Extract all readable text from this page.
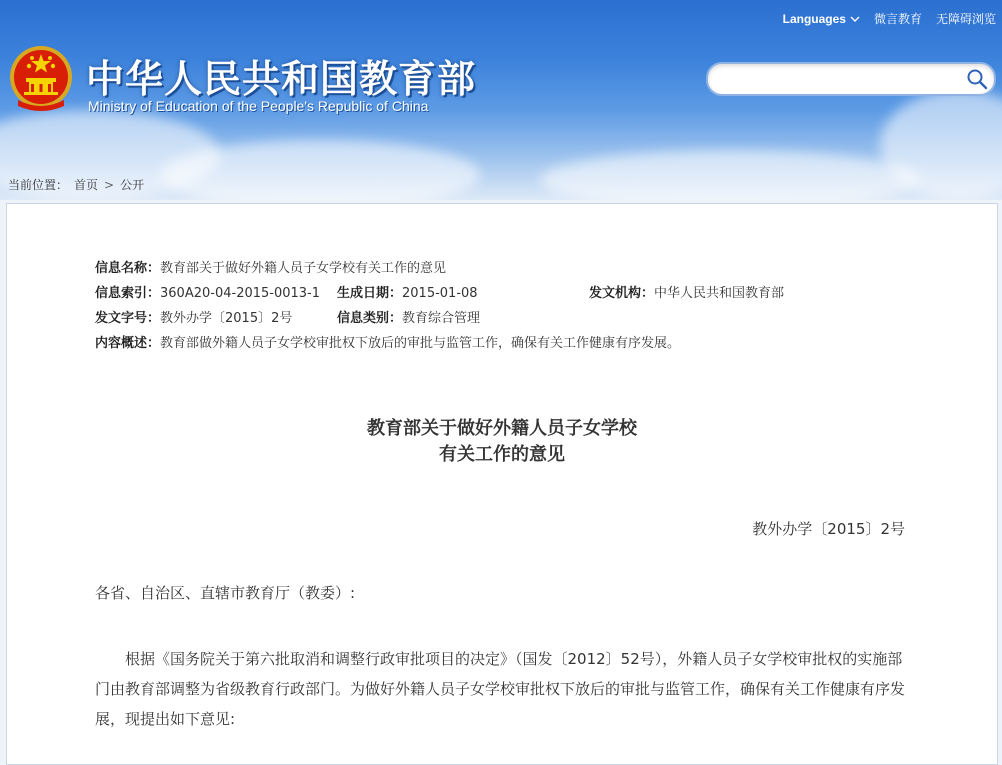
中华人民共和国教育部
Ministry of Education of the People's Republic of China
Languages 微言教育 无障碍浏览
当前位置： 首页 > 公开
信息名称：教育部关于做好外籍人员子女学校有关工作的意见
信息索引：360A20-04-2015-0013-1 生成日期：2015-01-08	发文机构：中华人民共和国教育部
发文字号：教外办学〔2015〕2号	信息类别：教育综合管理
内容概述：教育部做外籍人员子女学校审批权下放后的审批与监管工作，确保有关工作健康有序发展。
教育部关于做好外籍人员子女学校
有关工作的意见
教外办学〔2015〕2号
各省、自治区、直辖市教育厅（教委）:
根据《国务院关于第六批取消和调整行政审批项目的决定》（国发〔2012〕52号），外籍人员子女学校审批权的实施部门由教育部调整为省级教育行政部门。为做好外籍人员子女学校审批权下放后的审批与监管工作，确保有关工作健康有序发展，现提出如下意见:
